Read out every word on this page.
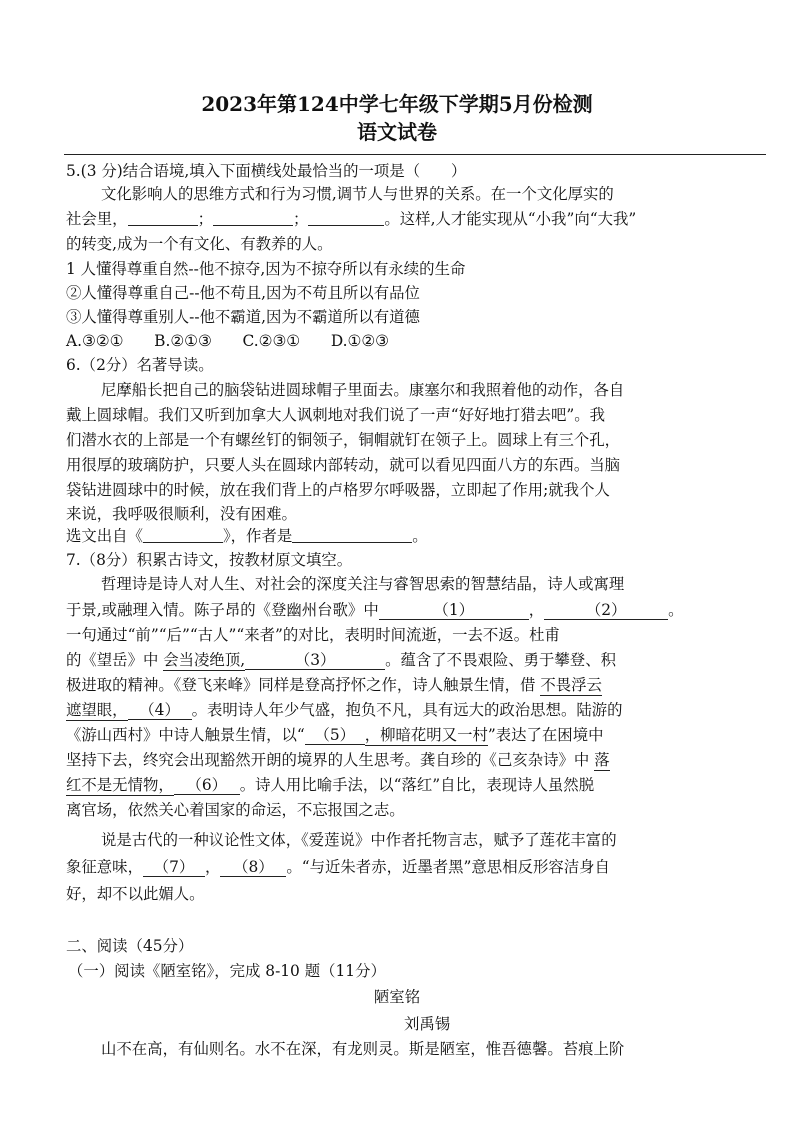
2023年第124中学七年级下学期5月份检测
语文试卷
5.(3 分)结合语境,填入下面横线处最恰当的一项是（　　）
文化影响人的思维方式和行为习惯,调节人与世界的关系。在一个文化厚实的
社会里，	；	；	。这样,人才能实现从“小我”向“大我”
的转变,成为一个有文化、有教养的人。
1 人懂得尊重自然--他不掠夺,因为不掠夺所以有永续的生命
②人懂得尊重自己--他不苟且,因为不苟且所以有品位
③人懂得尊重别人--他不霸道,因为不霸道所以有道德
A.③②①　　B.②①③　　C.②③①　　D.①②③
6.（2分）名著导读。
尼摩船长把自己的脑袋钻进圆球帽子里面去。康塞尔和我照着他的动作，各自
戴上圆球帽。我们又听到加拿大人讽刺地对我们说了一声“好好地打猎去吧”。我
们潜水衣的上部是一个有螺丝钉的铜领子，铜帽就钉在领子上。圆球上有三个孔，
用很厚的玻璃防护，只要人头在圆球内部转动，就可以看见四面八方的东西。当脑
袋钻进圆球中的时候，放在我们背上的卢格罗尔呼吸器，立即起了作用;就我个人
来说，我呼吸很顺利，没有困难。
选文出自《	》，作者是	。
7.（8分）积累古诗文，按教材原文填空。
哲理诗是诗人对人生、对社会的深度关注与睿智思索的智慧结晶，诗人或寓理
于景,或融理入情。陈子昂的《登幽州台歌》中	（1）	，	（2）	。
一句通过“前”“后”“古人”“来者”的对比，表明时间流逝，一去不返。杜甫
的《望岳》中 会当凌绝顶,	（3）	。蕴含了不畏艰险、勇于攀登、积
极进取的精神。《登飞来峰》同样是登高抒怀之作，诗人触景生情，借 不畏浮云
遮望眼， （4） 。表明诗人年少气盛，抱负不凡，具有远大的政治思想。陆游的
《游山西村》中诗人触景生情，以“ （5） ，柳暗花明又一村”表达了在困境中
坚持下去，终究会出现豁然开朗的境界的人生思考。龚自珍的《己亥杂诗》中 落
红不是无情物， （6） 。诗人用比喻手法，以“落红”自比，表现诗人虽然脱
离官场，依然关心着国家的命运，不忘报国之志。
说是古代的一种议论性文体，《爱莲说》中作者托物言志，赋予了莲花丰富的
象征意味， （7） ， （8） 。“与近朱者赤，近墨者黑”意思相反形容洁身自
好，却不以此媚人。
二、阅读（45分）
（一）阅读《陋室铭》，完成 8-10 题（11分）
陋室铭
刘禹锡
山不在高，有仙则名。水不在深，有龙则灵。斯是陋室，惟吾德馨。苔痕上阶
